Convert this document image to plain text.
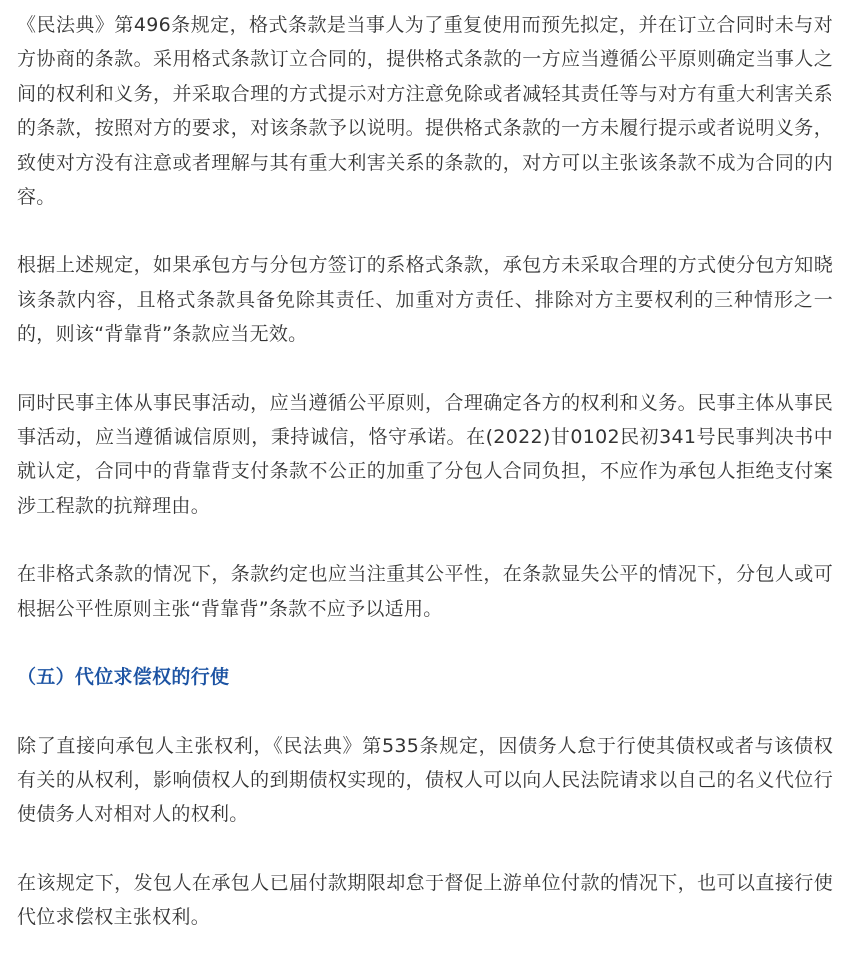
《民法典》第496条规定，格式条款是当事人为了重复使用而预先拟定，并在订立合同时未与对方协商的条款。采用格式条款订立合同的，提供格式条款的一方应当遵循公平原则确定当事人之间的权利和义务，并采取合理的方式提示对方注意免除或者减轻其责任等与对方有重大利害关系的条款，按照对方的要求，对该条款予以说明。提供格式条款的一方未履行提示或者说明义务，致使对方没有注意或者理解与其有重大利害关系的条款的，对方可以主张该条款不成为合同的内容。

根据上述规定，如果承包方与分包方签订的系格式条款，承包方未采取合理的方式使分包方知晓该条款内容，且格式条款具备免除其责任、加重对方责任、排除对方主要权利的三种情形之一的，则该“背靠背”条款应当无效。

同时民事主体从事民事活动，应当遵循公平原则，合理确定各方的权利和义务。民事主体从事民事活动，应当遵循诚信原则，秉持诚信，恪守承诺。在(2022)甘0102民初341号民事判决书中就认定，合同中的背靠背支付条款不公正的加重了分包人合同负担，不应作为承包人拒绝支付案涉工程款的抗辩理由。

在非格式条款的情况下，条款约定也应当注重其公平性，在条款显失公平的情况下，分包人或可根据公平性原则主张“背靠背”条款不应予以适用。

（五）代位求偿权的行使

除了直接向承包人主张权利，《民法典》第535条规定，因债务人怠于行使其债权或者与该债权有关的从权利，影响债权人的到期债权实现的，债权人可以向人民法院请求以自己的名义代位行使债务人对相对人的权利。

在该规定下，发包人在承包人已届付款期限却怠于督促上游单位付款的情况下，也可以直接行使代位求偿权主张权利。
